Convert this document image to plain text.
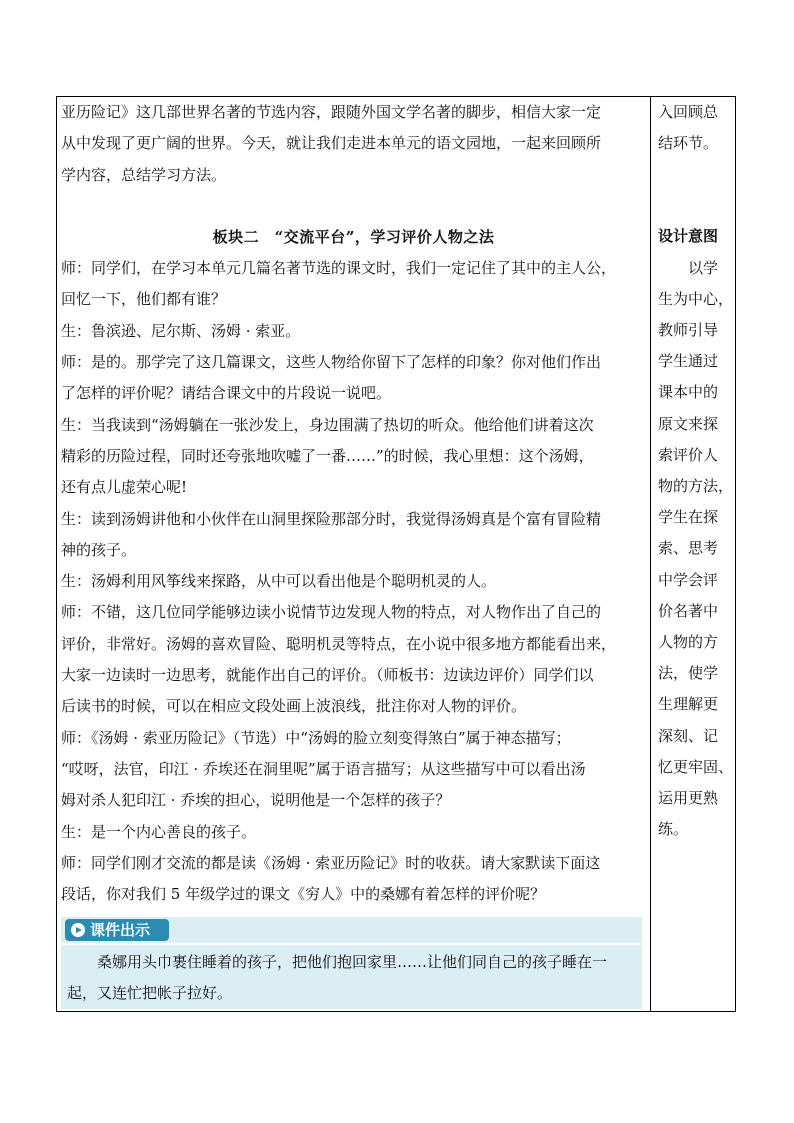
亚历险记》这几部世界名著的节选内容，跟随外国文学名著的脚步，相信大家一定

从中发现了更广阔的世界。今天，就让我们走进本单元的语文园地，一起来回顾所

学内容，总结学习方法。

板块二　“交流平台”，学习评价人物之法

师：同学们，在学习本单元几篇名著节选的课文时，我们一定记住了其中的主人公，

回忆一下，他们都有谁？

生：鲁滨逊、尼尔斯、汤姆 · 索亚。

师：是的。那学完了这几篇课文，这些人物给你留下了怎样的印象？你对他们作出

了怎样的评价呢？请结合课文中的片段说一说吧。

生：当我读到“汤姆躺在一张沙发上，身边围满了热切的听众。他给他们讲着这次

精彩的历险过程，同时还夸张地吹嘘了一番……”的时候，我心里想：这个汤姆，

还有点儿虚荣心呢!

生：读到汤姆讲他和小伙伴在山洞里探险那部分时，我觉得汤姆真是个富有冒险精

神的孩子。

生：汤姆利用风筝线来探路，从中可以看出他是个聪明机灵的人。

师：不错，这几位同学能够边读小说情节边发现人物的特点，对人物作出了自己的

评价，非常好。汤姆的喜欢冒险、聪明机灵等特点，在小说中很多地方都能看出来，

大家一边读时一边思考，就能作出自己的评价。（师板书：边读边评价）同学们以

后读书的时候，可以在相应文段处画上波浪线，批注你对人物的评价。

师：《汤姆 · 索亚历险记》（节选）中“汤姆的脸立刻变得煞白”属于神态描写；

“哎呀，法官，印江 · 乔埃还在洞里呢”属于语言描写；从这些描写中可以看出汤

姆对杀人犯印江 · 乔埃的担心，说明他是一个怎样的孩子？

生：是一个内心善良的孩子。

师：同学们刚才交流的都是读《汤姆 · 索亚历险记》时的收获。请大家默读下面这

段话，你对我们 5 年级学过的课文《穷人》中的桑娜有着怎样的评价呢？

课件出示

桑娜用头巾裹住睡着的孩子，把他们抱回家里……让他们同自己的孩子睡在一起，又连忙把帐子拉好。

入回顾总

结环节。

设计意图

　　以学

生为中心，

教师引导

学生通过

课本中的

原文来探

索评价人

物的方法，

学生在探

索、思考

中学会评

价名著中

人物的方

法，使学

生理解更

深刻、记

忆更牢固、

运用更熟

练。
